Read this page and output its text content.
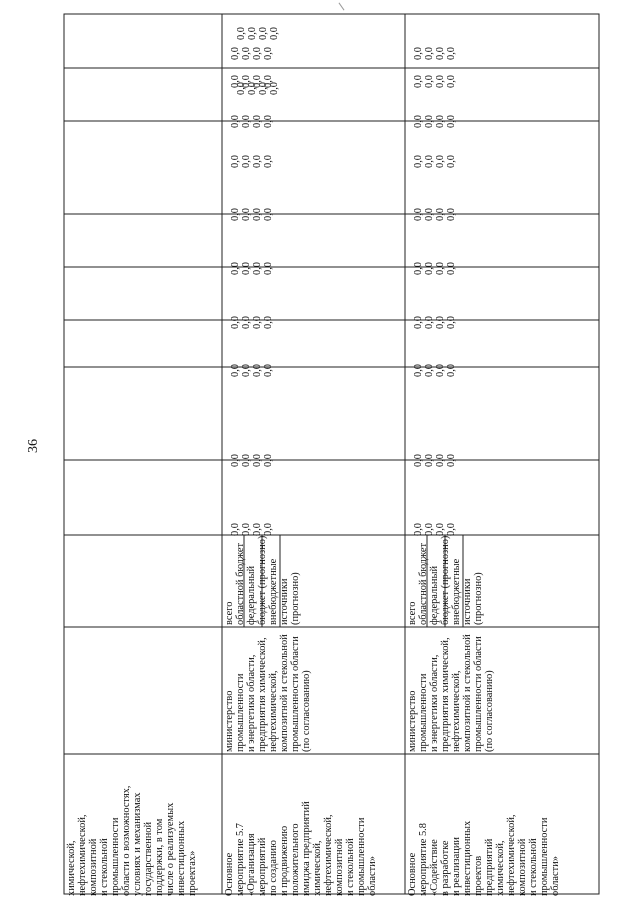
36
химической, нефтехимической, композитной и стекольной промышленности области о возможностях, условиях и механизмах государственной поддержки, в том числе о реализуемых инвестиционных проектах»	Основное мероприятие 5.7 «Организация мероприятий по созданию и продвижению положительного имиджа предприятий химической, нефтехимической, композитной и стекольной промышленности области»
министерство промышленности и энергетики области, предприятия химической, нефтехимической, композитной и стекольной промышленности области (по согласованию)
всего областной бюджет федеральный бюджет (прогнозно) внебюджетные источники (прогнозно)
Основное мероприятие 5.8 «Содействие в разработке и реализации инвестиционных проектов предприятий химической, нефтехимической, композитной и стекольной промышленности области»
министерство промышленности и энергетики области, предприятия химической, нефтехимической, композитной и стекольной промышленности области (по согласованию)
всего областной бюджет федеральный бюджет (прогнозно) внебюджетные источники (прогнозно)
0,0 0,0 0,0 0,0
0,0 0,0 0,0 0,0
0,0 0,0 0,0 0,0
0,0 0,0 0,0 0,0
0,0 0,0 0,0 0,0
0,0 0,0 0,0 0,0
0,0 0,0 0,0 0,0
0,0 0,0 0,0 0,0
0,0 0,0 0,0 0,0
0,0 0,0 0,0 0,0
0,0 0,0 0,0 0,0
0,0 0,0 0,0 0,0
0,0 0,0 0,0 0,0
0,0 0,0 0,0 0,0
0,0 0,0 0,0 0,0
0,0 0,0 0,0 0,0
0,0 0,0 0,0 0,0
0,0 0,0 0,0 0,0
0,0 0,0 0,0 0,0
0,0 0,0 0,0 0,0
0,0 0,0 0,0 0,0
0,0 0,0 0,0 0,0
